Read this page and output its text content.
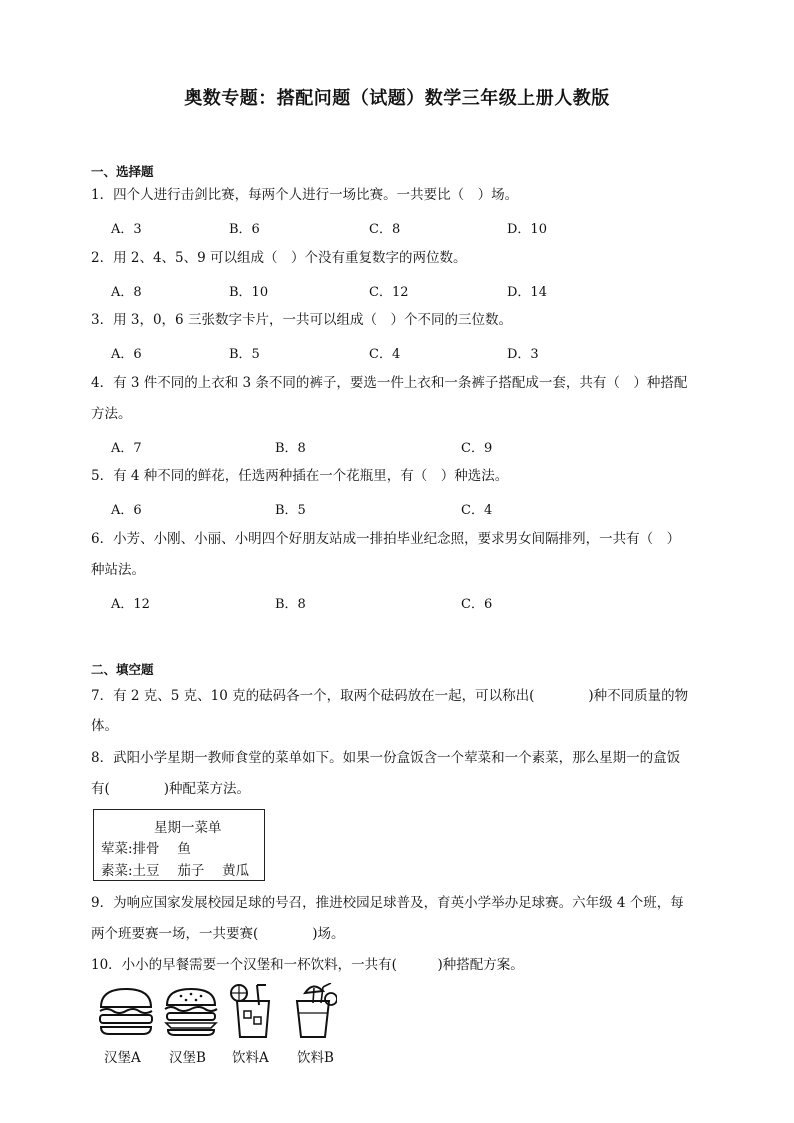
奥数专题：搭配问题（试题）数学三年级上册人教版
一、选择题
1．四个人进行击剑比赛，每两个人进行一场比赛。一共要比（　）场。
A．3	B．6	C．8	D．10
2．用 2、4、5、9 可以组成（　）个没有重复数字的两位数。
A．8	B．10	C．12	D．14
3．用 3，0，6 三张数字卡片，一共可以组成（　）个不同的三位数。
A．6	B．5	C．4	D．3
4．有 3 件不同的上衣和 3 条不同的裤子，要选一件上衣和一条裤子搭配成一套，共有（　）种搭配
方法。
A．7	B．8	C．9
5．有 4 种不同的鲜花，任选两种插在一个花瓶里，有（　）种选法。
A．6	B．5	C．4
6．小芳、小刚、小丽、小明四个好朋友站成一排拍毕业纪念照，要求男女间隔排列，一共有（　）
种站法。
A．12	B．8	C．6
二、填空题
7．有 2 克、5 克、10 克的砝码各一个，取两个砝码放在一起，可以称出(　　　　)种不同质量的物
体。
8．武阳小学星期一教师食堂的菜单如下。如果一份盒饭含一个荤菜和一个素菜，那么星期一的盒饭
有(　　　　)种配菜方法。
星期一菜单
荤菜:排骨　 鱼
素菜:土豆　 茄子　 黄瓜
9．为响应国家发展校园足球的号召，推进校园足球普及，育英小学举办足球赛。六年级 4 个班，每
两个班要赛一场，一共要赛(　　　　)场。
10．小小的早餐需要一个汉堡和一杯饮料，一共有(　　　)种搭配方案。
汉堡A 汉堡B 饮料A 饮料B
